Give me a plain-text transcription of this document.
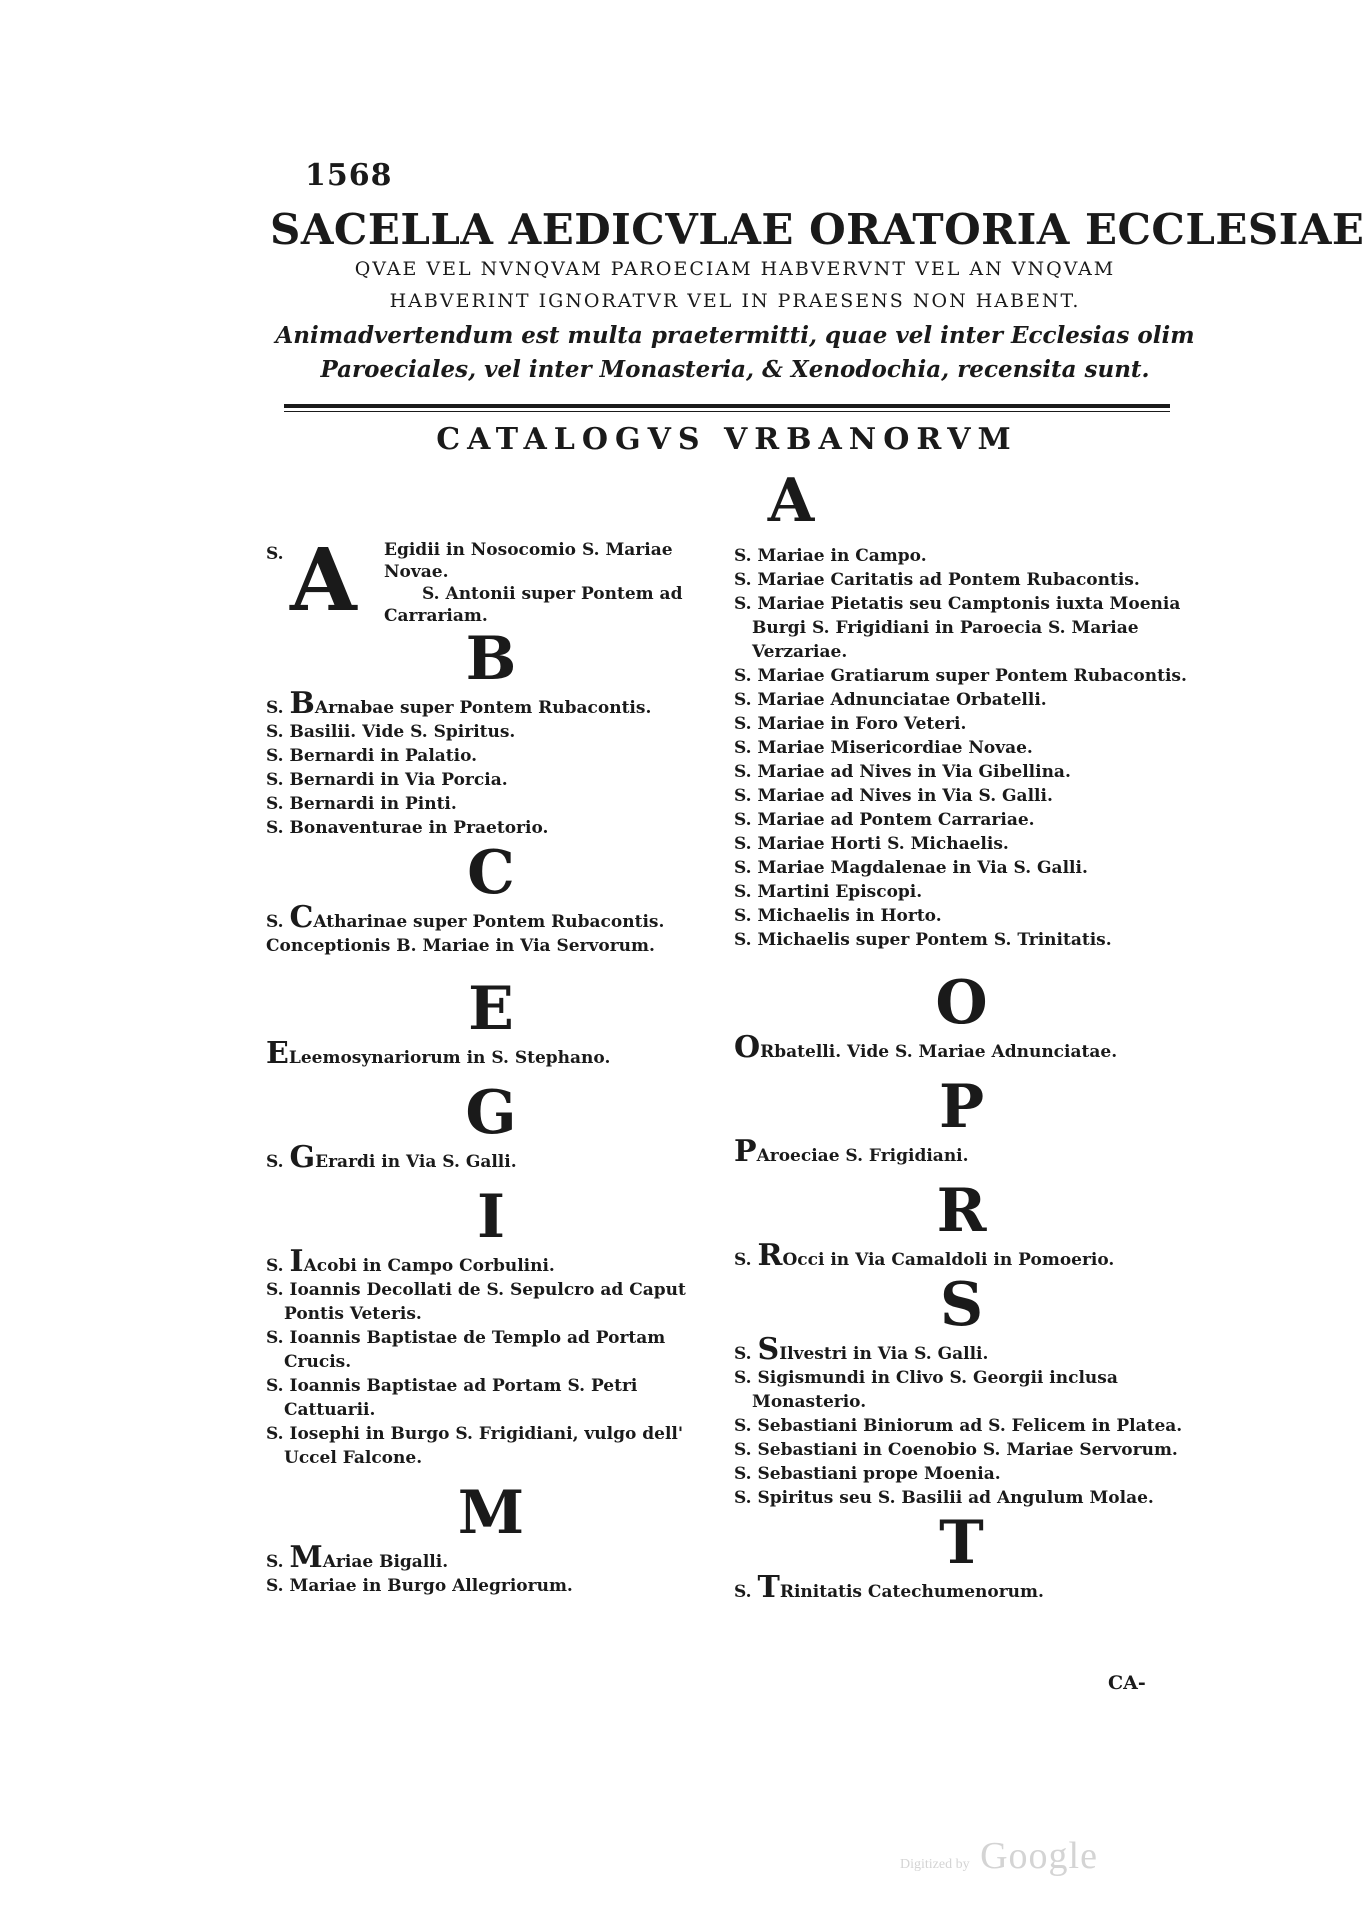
1568
SACELLA AEDICVLAE ORATORIA ECCLESIAE
QVAE VEL NVNQVAM PAROECIAM HABVERVNT VEL AN VNQVAM
HABVERINT IGNORATVR VEL IN PRAESENS NON HABENT.
Animadvertendum est multa praetermitti, quae vel inter Ecclesias olim
Paroeciales, vel inter Monasteria, & Xenodochia, recensita sunt.
CATALOGVS VRBANORVM
A
S. A Egidii in Nosocomio S. Mariae
Novae.
S. Antonii super Pontem ad
Carrariam.
B
S. BArnabae super Pontem Rubacontis.
S. Basilii. Vide S. Spiritus.
S. Bernardi in Palatio.
S. Bernardi in Via Porcia.
S. Bernardi in Pinti.
S. Bonaventurae in Praetorio.
C
S. CAtharinae super Pontem Rubacontis.
Conceptionis B. Mariae in Via Servorum.
E
ELeemosynariorum in S. Stephano.
G
S. GErardi in Via S. Galli.
I
S. IAcobi in Campo Corbulini.
S. Ioannis Decollati de S. Sepulcro ad Caput Pontis Veteris.
S. Ioannis Baptistae de Templo ad Portam Crucis.
S. Ioannis Baptistae ad Portam S. Petri Cattuarii.
S. Iosephi in Burgo S. Frigidiani, vulgo dell' Uccel Falcone.
M
S. MAriae Bigalli.
S. Mariae in Burgo Allegriorum.
S. Mariae in Campo.
S. Mariae Caritatis ad Pontem Rubacontis.
S. Mariae Pietatis seu Camptonis iuxta Moenia Burgi S. Frigidiani in Paroecia S. Mariae Verzariae.
S. Mariae Gratiarum super Pontem Rubacontis.
S. Mariae Adnunciatae Orbatelli.
S. Mariae in Foro Veteri.
S. Mariae Misericordiae Novae.
S. Mariae ad Nives in Via Gibellina.
S. Mariae ad Nives in Via S. Galli.
S. Mariae ad Pontem Carrariae.
S. Mariae Horti S. Michaelis.
S. Mariae Magdalenae in Via S. Galli.
S. Martini Episcopi.
S. Michaelis in Horto.
S. Michaelis super Pontem S. Trinitatis.
O
ORbatelli. Vide S. Mariae Adnunciatae.
P
PAroeciae S. Frigidiani.
R
S. ROcci in Via Camaldoli in Pomoerio.
S
S. SIlvestri in Via S. Galli.
S. Sigismundi in Clivo S. Georgii inclusa Monasterio.
S. Sebastiani Biniorum ad S. Felicem in Platea.
S. Sebastiani in Coenobio S. Mariae Servorum.
S. Sebastiani prope Moenia.
S. Spiritus seu S. Basilii ad Angulum Molae.
T
S. TRinitatis Catechumenorum.
CA-
Digitized by Google
